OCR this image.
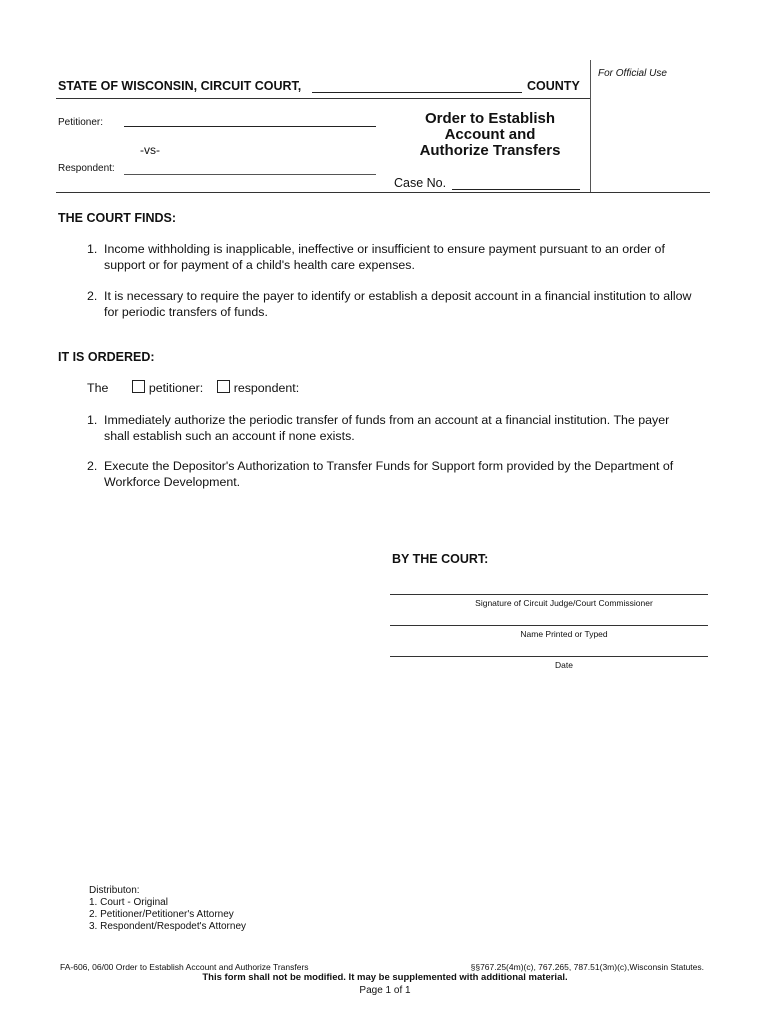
For Official Use
STATE OF WISCONSIN, CIRCUIT COURT,	COUNTY
Petitioner:
-vs-
Respondent:
Order to Establish
Account and
Authorize Transfers
Case No.
THE COURT FINDS:
1. Income withholding is inapplicable, ineffective or insufficient to ensure payment pursuant to an order of
support or for payment of a child's health care expenses.
2. It is necessary to require the payer to identify or establish a deposit account in a financial institution to allow
for periodic transfers of funds.
IT IS ORDERED:
The	petitioner: respondent:
1. Immediately authorize the periodic transfer of funds from an account at a financial institution. The payer
shall establish such an account if none exists.
2. Execute the Depositor's Authorization to Transfer Funds for Support form provided by the Department of
Workforce Development.
BY THE COURT:
Signature of Circuit Judge/Court Commissioner
Name Printed or Typed
Date
Distributon:
1. Court - Original
2. Petitioner/Petitioner's Attorney
3. Respondent/Respodet's Attorney
FA-606, 06/00 Order to Establish Account and Authorize Transfers	§§767.25(4m)(c), 767.265, 787.51(3m)(c),Wisconsin Statutes.
This form shall not be modified. It may be supplemented with additional material.
Page 1 of 1
